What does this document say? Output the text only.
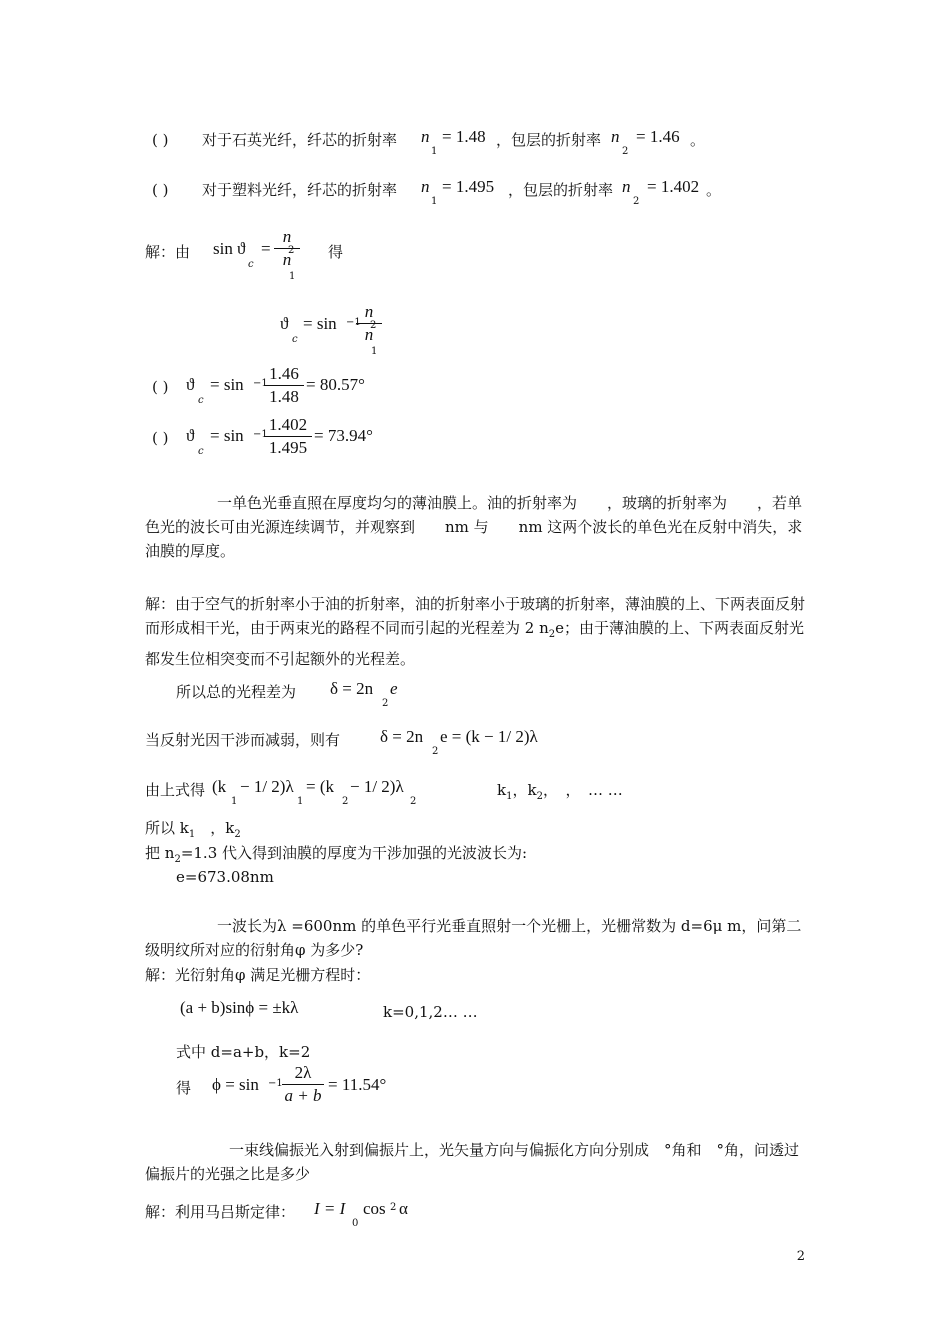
( ) 对于石英光纤，纤芯的折射率 n
1
= 1.48 ，包层的折射率 n
2
= 1.46 。
( ) 对于塑料光纤，纤芯的折射率 n
1
= 1.495 ，包层的折射率 n
2
= 1.402 。
解：由 sin ϑ
c
= $\frac{n}{n}$
2
1
得
ϑ
c
= sin −1
$\frac{n}{n}$
2
1
( ) ϑ
c
= sin −1
$\frac{1.46}{1.48} = 80.57^\circ$
( ) ϑ
c
= sin −1
$\frac{1.402}{1.495} = 73.94^\circ$
一单色光垂直照在厚度均匀的薄油膜上。油的折射率为　　，玻璃的折射率为　　，若单色光的波长可由光源连续调节，并观察到　　nm 与　　nm 这两个波长的单色光在反射中消失，求油膜的厚度。
解：由于空气的折射率小于油的折射率，油的折射率小于玻璃的折射率，薄油膜的上、下两表面反射而形成相干光，由于两束光的路程不同而引起的光程差为 2 $n_2e$；由于薄油膜的上、下两表面反射光都发生位相突变而不引起额外的光程差。
所以总的光程差为 δ = 2n
2
e
当反射光因干涉而减弱，则有 δ = 2n
2
e = (k − 1/ 2)λ
由上式得 (k
1
− 1/ 2)λ
1
= (k
2
− 1/ 2)λ
2
$k_1$，$k_2$，　，　… …
所以 $k_1$　，$k_2$
把 $n_2=1.3$ 代入得到油膜的厚度为干涉加强的光波波长为:
e=673.08nm
一波长为λ =600nm 的单色平行光垂直照射一个光栅上，光栅常数为 d=6μ m，问第二级明纹所对应的衍射角φ 为多少?
解：光衍射角φ 满足光栅方程时：
(a + b)sinϕ = ±kλ	k=0,1,2… …
式中 d=a+b，k=2
得 $\phi = \sin -1 \frac{2\lambda}{a + b} = 11.54^\circ$
一束线偏振光入射到偏振片上，光矢量方向与偏振化方向分别成　°角和　°角，问透过偏振片的光强之比是多少
解：利用马吕斯定律： I = I
0
cos 2 α
2
